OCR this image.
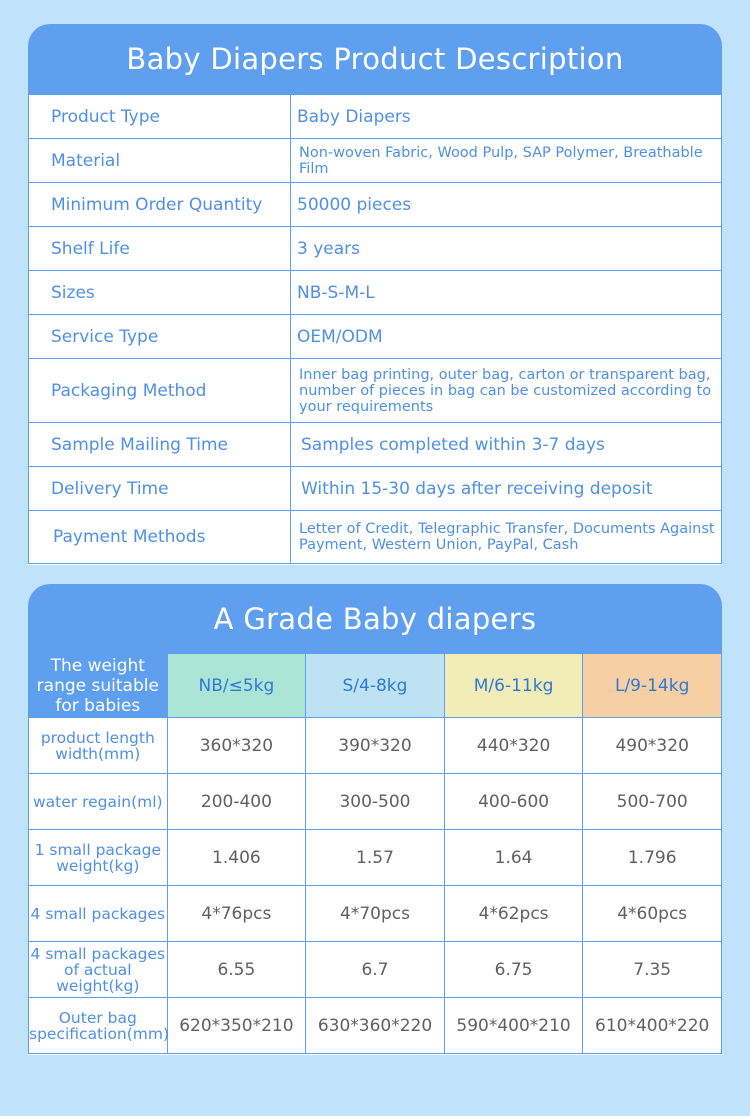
Baby Diapers Product Description
Product Type	Baby Diapers
Material	Non-woven Fabric, Wood Pulp, SAP Polymer, Breathable Film
Minimum Order Quantity	50000 pieces
Shelf Life	3 years
Sizes	NB-S-M-L
Service Type	OEM/ODM
Packaging Method	Inner bag printing, outer bag, carton or transparent bag, number of pieces in bag can be customized according to your requirements
Sample Mailing Time	Samples completed within 3-7 days
Delivery Time	Within 15-30 days after receiving deposit
Payment Methods	Letter of Credit, Telegraphic Transfer, Documents Against Payment, Western Union, PayPal, Cash
A Grade Baby diapers
The weight range suitable for babies	NB/≤5kg	S/4-8kg	M/6-11kg	L/9-14kg
product length width(mm)	360*320	390*320	440*320	490*320
water regain(ml)	200-400	300-500	400-600	500-700
1 small package weight(kg)	1.406	1.57	1.64	1.796
4 small packages	4*76pcs	4*70pcs	4*62pcs	4*60pcs
4 small packages of actual weight(kg)	6.55	6.7	6.75	7.35
Outer bag specification(mm)	620*350*210	630*360*220	590*400*210	610*400*220
